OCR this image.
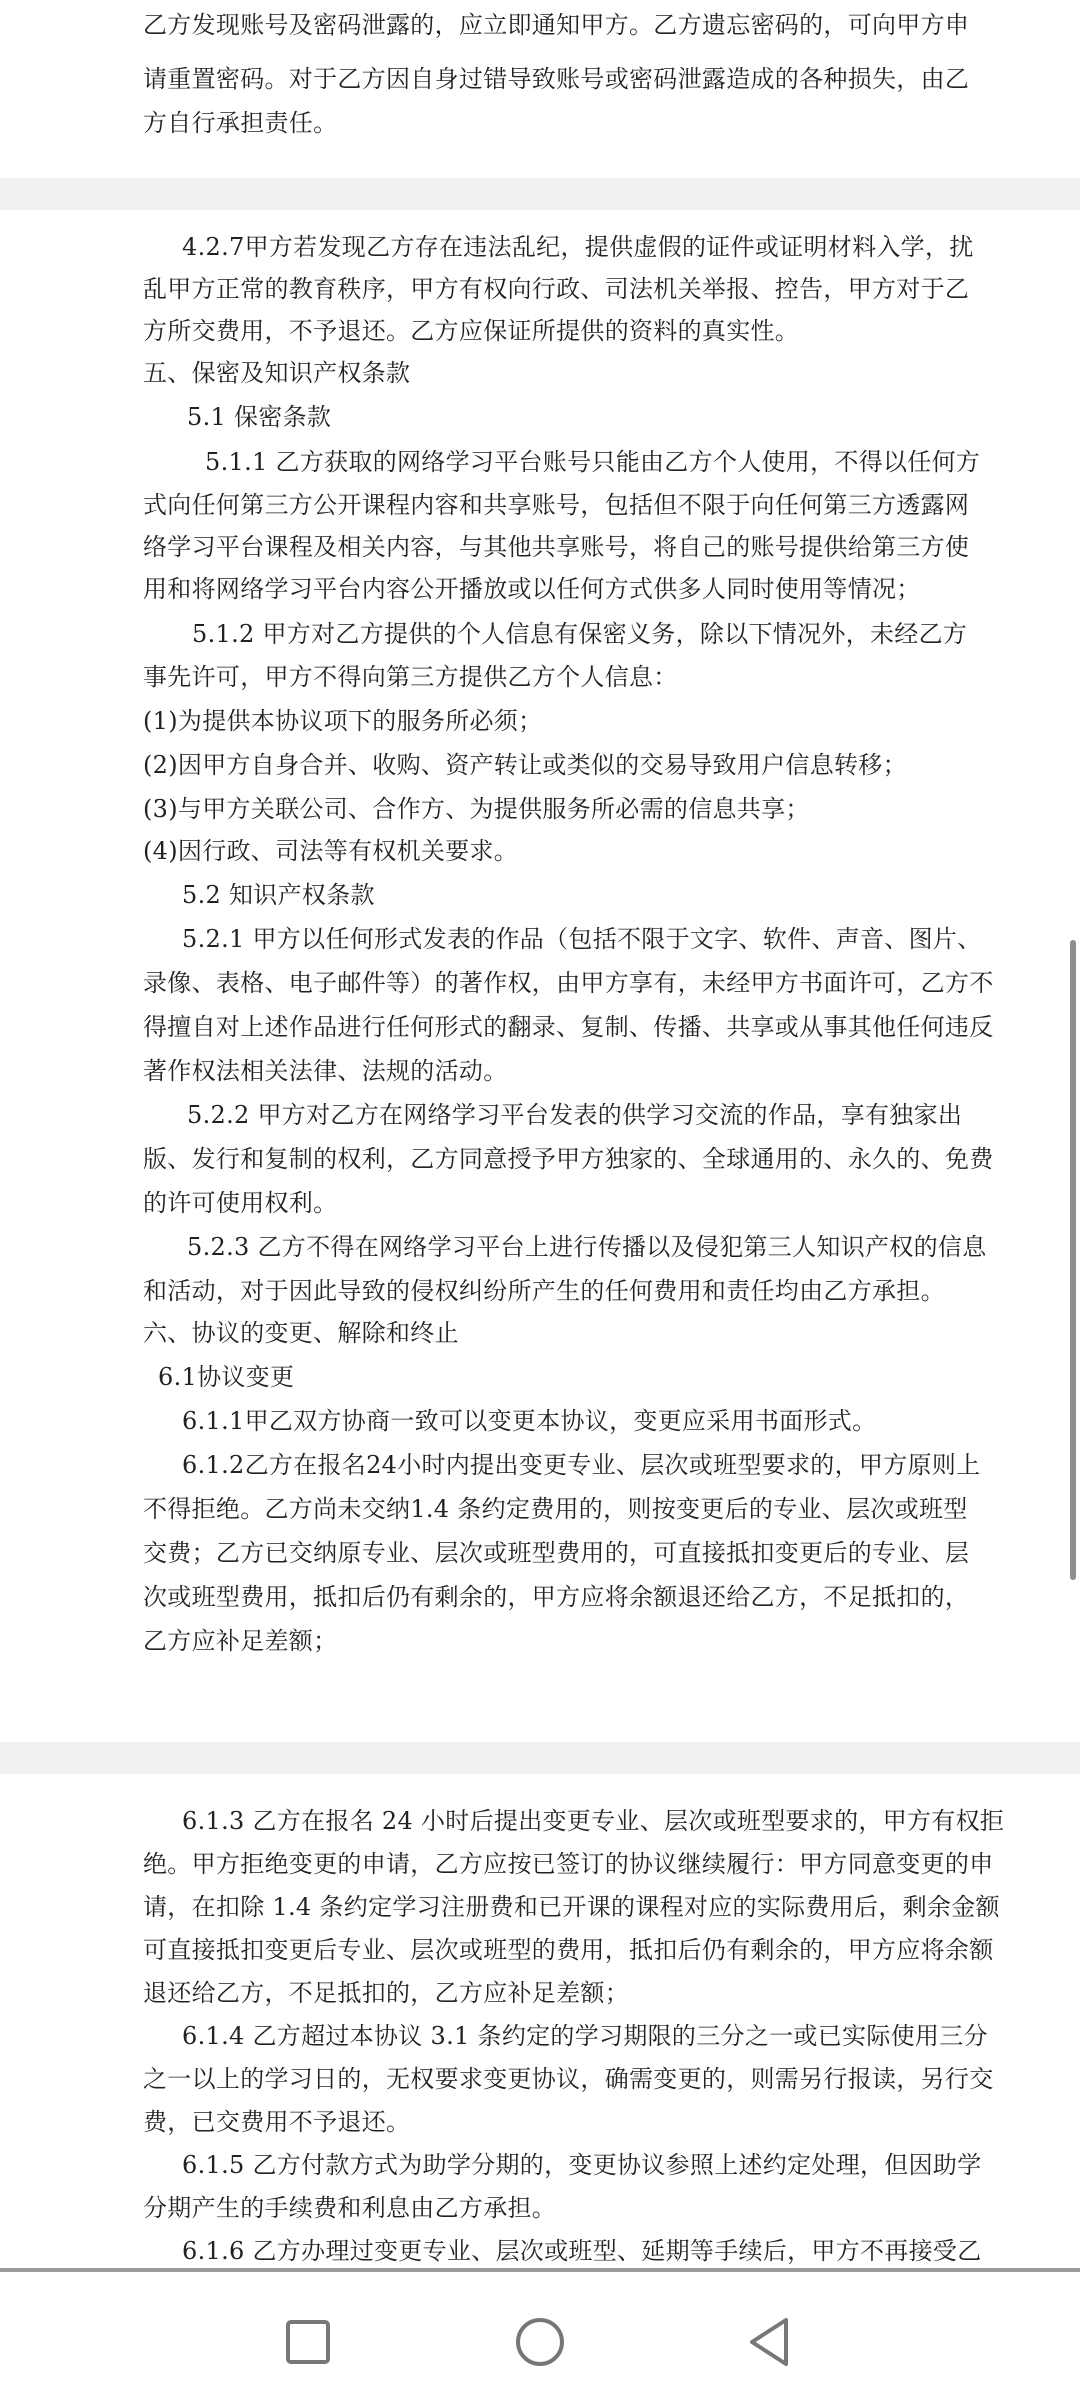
乙方发现账号及密码泄露的，应立即通知甲方。乙方遗忘密码的，可向甲方申
请重置密码。对于乙方因自身过错导致账号或密码泄露造成的各种损失，由乙
方自行承担责任。
4.2.7甲方若发现乙方存在违法乱纪，提供虚假的证件或证明材料入学，扰
乱甲方正常的教育秩序，甲方有权向行政、司法机关举报、控告，甲方对于乙
方所交费用，不予退还。乙方应保证所提供的资料的真实性。
五、保密及知识产权条款
5.1 保密条款
5.1.1 乙方获取的网络学习平台账号只能由乙方个人使用，不得以任何方
式向任何第三方公开课程内容和共享账号，包括但不限于向任何第三方透露网
络学习平台课程及相关内容，与其他共享账号，将自己的账号提供给第三方使
用和将网络学习平台内容公开播放或以任何方式供多人同时使用等情况；
5.1.2 甲方对乙方提供的个人信息有保密义务，除以下情况外，未经乙方
事先许可，甲方不得向第三方提供乙方个人信息：
(1)为提供本协议项下的服务所必须；
(2)因甲方自身合并、收购、资产转让或类似的交易导致用户信息转移；
(3)与甲方关联公司、合作方、为提供服务所必需的信息共享；
(4)因行政、司法等有权机关要求。
5.2 知识产权条款
5.2.1 甲方以任何形式发表的作品（包括不限于文字、软件、声音、图片、
录像、表格、电子邮件等）的著作权，由甲方享有，未经甲方书面许可，乙方不
得擅自对上述作品进行任何形式的翻录、复制、传播、共享或从事其他任何违反
著作权法相关法律、法规的活动。
5.2.2 甲方对乙方在网络学习平台发表的供学习交流的作品，享有独家出
版、发行和复制的权利，乙方同意授予甲方独家的、全球通用的、永久的、免费
的许可使用权利。
5.2.3 乙方不得在网络学习平台上进行传播以及侵犯第三人知识产权的信息
和活动，对于因此导致的侵权纠纷所产生的任何费用和责任均由乙方承担。
六、协议的变更、解除和终止
6.1协议变更
6.1.1甲乙双方协商一致可以变更本协议，变更应采用书面形式。
6.1.2乙方在报名24小时内提出变更专业、层次或班型要求的，甲方原则上
不得拒绝。乙方尚未交纳1.4 条约定费用的，则按变更后的专业、层次或班型
交费；乙方已交纳原专业、层次或班型费用的，可直接抵扣变更后的专业、层
次或班型费用，抵扣后仍有剩余的，甲方应将余额退还给乙方，不足抵扣的，
乙方应补足差额；
6.1.3 乙方在报名 24 小时后提出变更专业、层次或班型要求的，甲方有权拒
绝。甲方拒绝变更的申请，乙方应按已签订的协议继续履行：甲方同意变更的申
请，在扣除 1.4 条约定学习注册费和已开课的课程对应的实际费用后，剩余金额
可直接抵扣变更后专业、层次或班型的费用，抵扣后仍有剩余的，甲方应将余额
退还给乙方，不足抵扣的，乙方应补足差额；
6.1.4 乙方超过本协议 3.1 条约定的学习期限的三分之一或已实际使用三分
之一以上的学习日的，无权要求变更协议，确需变更的，则需另行报读，另行交
费，已交费用不予退还。
6.1.5 乙方付款方式为助学分期的，变更协议参照上述约定处理，但因助学
分期产生的手续费和利息由乙方承担。
6.1.6 乙方办理过变更专业、层次或班型、延期等手续后，甲方不再接受乙
